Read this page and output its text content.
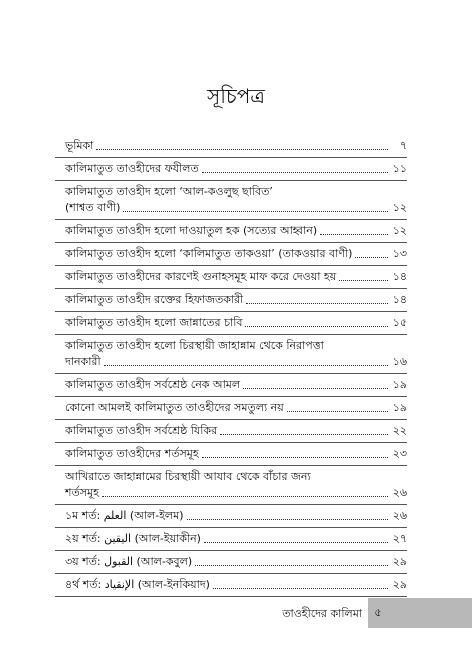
সূচিপত্র
ভূমিকা	৭
কালিমাতুত তাওহীদের ফযীলত	১১
কালিমাতুত তাওহীদ হলো ‘আল-কওলুছ ছাবিত’
(শাশ্বত বাণী)	১২
কালিমাতুত তাওহীদ হলো দাওয়াতুল হক (সত্যের আহ্বান)	১২
কালিমাতুত তাওহীদ হলো ‘কালিমাতুত তাকওয়া’ (তাকওয়ার বাণী)	১৩
কালিমাতুত তাওহীদের কারণেই গুনাহসমূহ মাফ করে দেওয়া হয়	১৪
কালিমাতুত তাওহীদ রক্তের হিফাজতকারী	১৪
কালিমাতুত তাওহীদ হলো জান্নাতের চাবি	১৫
কালিমাতুত তাওহীদ হলো চিরস্থায়ী জাহান্নাম থেকে নিরাপত্তা
দানকারী	১৬
কালিমাতুত তাওহীদ সর্বশ্রেষ্ঠ নেক আমল	১৯
কোনো আমলই কালিমাতুত তাওহীদের সমতুল্য নয়	১৯
কালিমাতুত তাওহীদ সর্বশ্রেষ্ঠ যিকির	২২
কালিমাতুত তাওহীদের শর্তসমূহ	২৩
আখিরাতে জাহান্নামের চিরস্থায়ী আযাব থেকে বাঁচার জন্য
শর্তসমূহ	২৬
১ম শর্ত: العلم (আল-ইলম)	২৬
২য় শর্ত: اليقين (আল-ইয়াকীন)	২৭
৩য় শর্ত: القبول (আল-কবুল)	২৯
৪র্থ শর্ত: الإنقياد (আল-ইনকিয়াদ)	২৯
তাওহীদের কালিমা	৫
